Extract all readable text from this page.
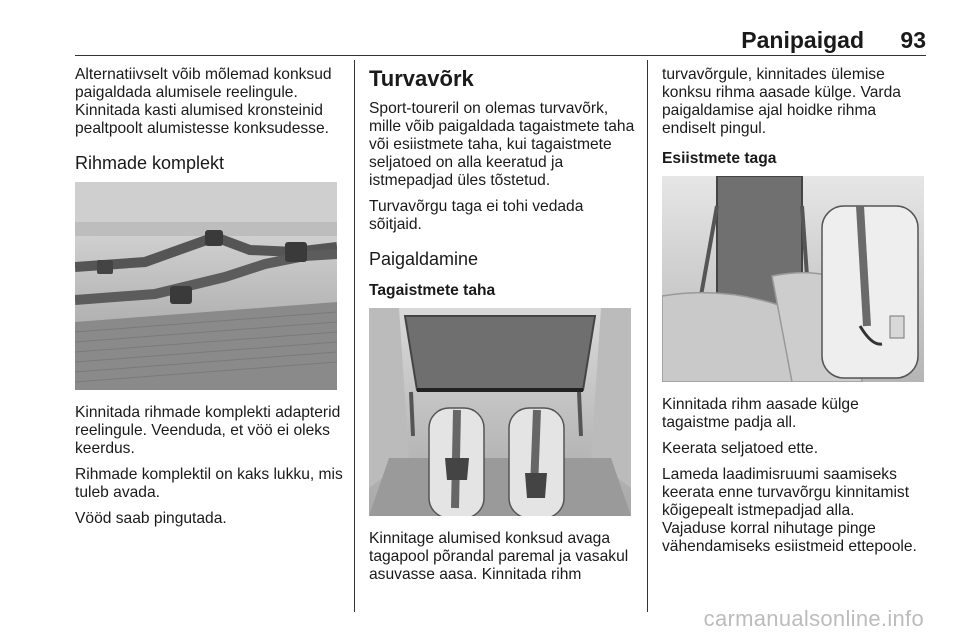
Panipaigad 93

Alternatiivselt võib mõlemad konksud paigaldada alumisele reelingule. Kinnitada kasti alumised kronsteinid pealtpoolt alumistesse konksudesse.

Rihmade komplekt

Kinnitada rihmade komplekti adapterid reelingule. Veenduda, et vöö ei oleks keerdus.

Rihmade komplektil on kaks lukku, mis tuleb avada.

Vööd saab pingutada.

Turvavõrk

Sport-toureril on olemas turvavõrk, mille võib paigaldada tagaistmete taha või esiistmete taha, kui tagaistmete seljatoed on alla keeratud ja istmepadjad üles tõstetud.

Turvavõrgu taga ei tohi vedada sõitjaid.

Paigaldamine
Tagaistmete taha

Kinnitage alumised konksud avaga tagapool põrandal paremal ja vasakul asuvasse aasa. Kinnitada rihm

turvavõrgule, kinnitades ülemise konksu rihma aasade külge. Varda paigaldamise ajal hoidke rihma endiselt pingul.

Esiistmete taga

Kinnitada rihm aasade külge tagaistme padja all.

Keerata seljatoed ette.

Lameda laadimisruumi saamiseks keerata enne turvavõrgu kinnitamist kõigepealt istmepadjad alla.
Vajaduse korral nihutage pinge vähendamiseks esiistmeid ettepoole.

carmanualsonline.info
